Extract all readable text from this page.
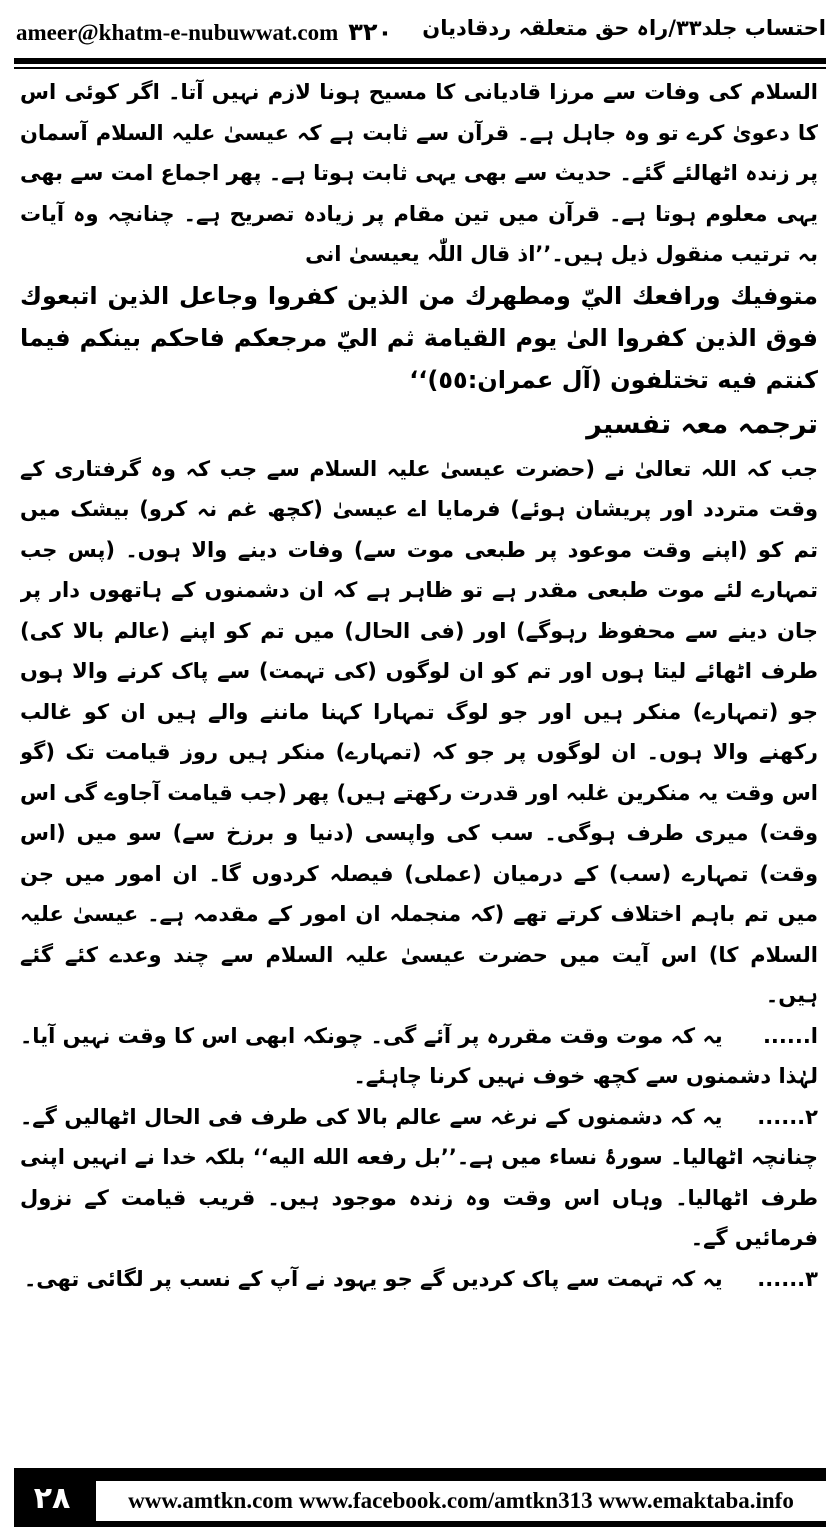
ameer@khatm-e-nubuwwat.com ۳۲۰ احتساب جلد۳۳/راہ حق متعلقہ ردقادیان

السلام کی وفات سے مرزا قادیانی کا مسیح ہونا لازم نہیں آتا۔ اگر کوئی اس کا دعویٰ کرے تو وہ جاہل ہے۔ قرآن سے ثابت ہے کہ عیسیٰ علیہ السلام آسمان پر زندہ اٹھالئے گئے۔ حدیث سے بھی یہی ثابت ہوتا ہے۔ پھر اجماع امت سے بھی یہی معلوم ہوتا ہے۔ قرآن میں تین مقام پر زیادہ تصریح ہے۔ چنانچہ وہ آیات بہ ترتیب منقول ذیل ہیں۔’’اذ قال اللّٰہ یعیسیٰ انی

متوفيك ورافعك اليّ ومطهرك من الذين كفروا وجاعل الذين اتبعوك فوق الذين كفروا الىٰ يوم القيامة ثم اليّ مرجعكم فاحكم بينكم فيما كنتم فيه تختلفون (آل عمران:٥٥)‘‘

ترجمہ معہ تفسیر

جب کہ اللہ تعالیٰ نے (حضرت عیسیٰ علیہ السلام سے جب کہ وہ گرفتاری کے وقت متردد اور پریشان ہوئے) فرمایا اے عیسیٰ (کچھ غم نہ کرو) بیشک میں تم کو (اپنے وقت موعود پر طبعی موت سے) وفات دینے والا ہوں۔ (پس جب تمہارے لئے موت طبعی مقدر ہے تو ظاہر ہے کہ ان دشمنوں کے ہاتھوں دار پر جان دینے سے محفوظ رہوگے) اور (فی الحال) میں تم کو اپنے (عالم بالا کی) طرف اٹھائے لیتا ہوں اور تم کو ان لوگوں (کی تہمت) سے پاک کرنے والا ہوں جو (تمہارے) منکر ہیں اور جو لوگ تمہارا کہنا ماننے والے ہیں ان کو غالب رکھنے والا ہوں۔ ان لوگوں پر جو کہ (تمہارے) منکر ہیں روز قیامت تک (گو اس وقت یہ منکرین غلبہ اور قدرت رکھتے ہیں) پھر (جب قیامت آجاوے گی اس وقت) میری طرف ہوگی۔ سب کی واپسی (دنیا و برزخ سے) سو میں (اس وقت) تمہارے (سب) کے درمیان (عملی) فیصلہ کردوں گا۔ ان امور میں جن میں تم باہم اختلاف کرتے تھے (کہ منجملہ ان امور کے مقدمہ ہے۔ عیسیٰ علیہ السلام کا) اس آیت میں حضرت عیسیٰ علیہ السلام سے چند وعدے کئے گئے ہیں۔

ا...... یہ کہ موت وقت مقررہ پر آئے گی۔ چونکہ ابھی اس کا وقت نہیں آیا۔ لہٰذا دشمنوں سے کچھ خوف نہیں کرنا چاہئے۔

۲...... یہ کہ دشمنوں کے نرغہ سے عالم بالا کی طرف فی الحال اٹھالیں گے۔ چنانچہ اٹھالیا۔ سورۂ نساء میں ہے۔’’بل رفعه الله اليه‘‘ بلکہ خدا نے انہیں اپنی طرف اٹھالیا۔ وہاں اس وقت وہ زندہ موجود ہیں۔ قریب قیامت کے نزول فرمائیں گے۔

۳...... یہ کہ تہمت سے پاک کردیں گے جو یہود نے آپ کے نسب پر لگائی تھی۔

۲۸	www.amtkn.com www.facebook.com/amtkn313 www.emaktaba.info
